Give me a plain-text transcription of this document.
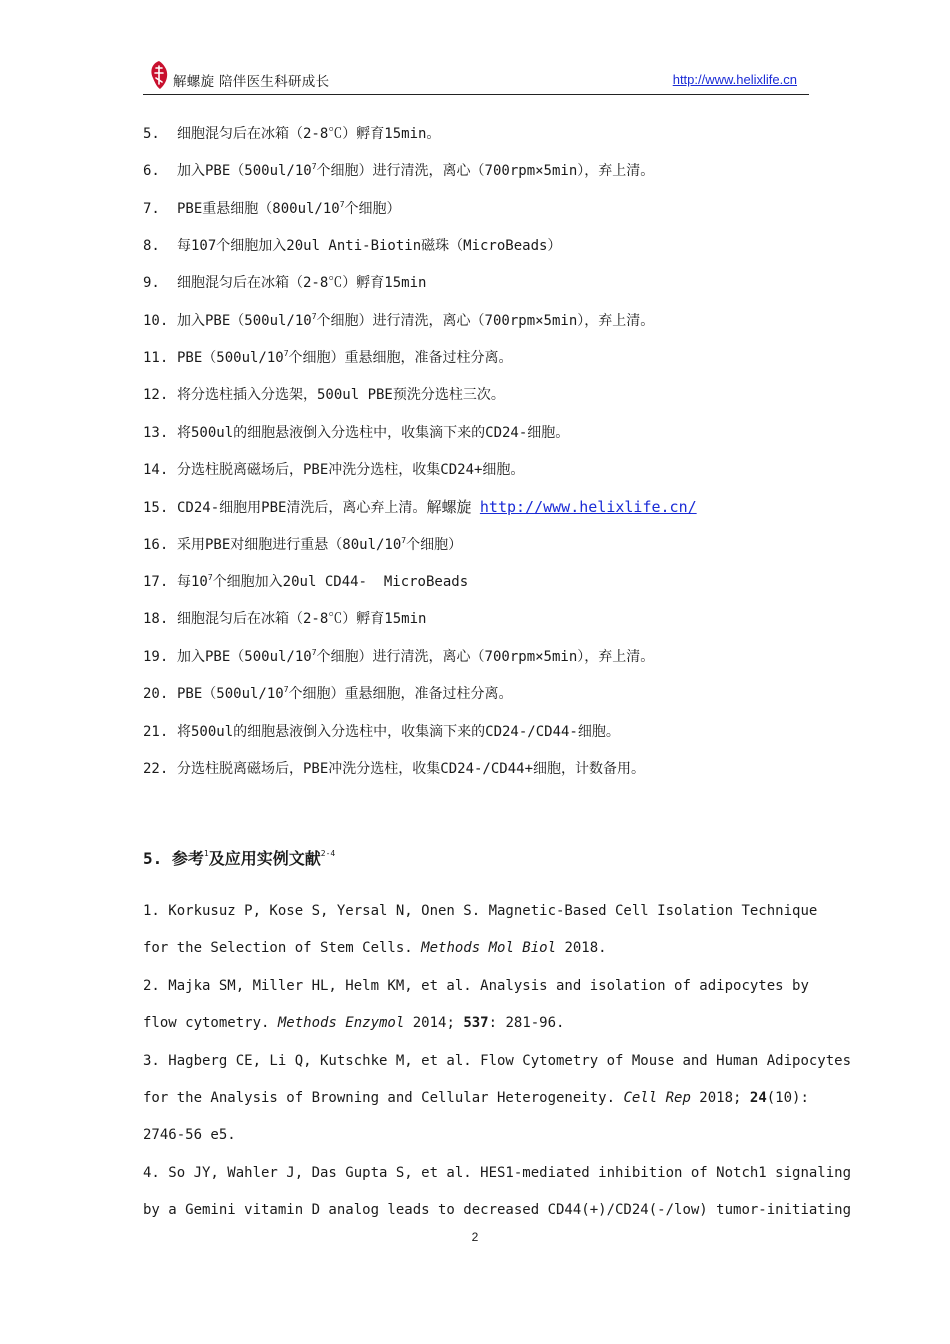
解螺旋 陪伴医生科研成长	http://www.helixlife.cn
5. 细胞混匀后在冰箱（2-8℃）孵育15min。
6. 加入$PBE(500ul/10^7$个细胞）进行清洗，离心（700rpm×5min），弃上清。
7. PBE重悬细胞（$800ul/10^7$个细胞）
8. 每107个细胞加入20ul Anti-Biotin磁珠（MicroBeads）
9. 细胞混匀后在冰箱（2-8℃）孵育15min
10. 加入$PBE(500ul/10^7$个细胞）进行清洗，离心（700rpm×5min），弃上清。
11. $PBE(500ul/10^7$个细胞）重悬细胞，准备过柱分离。
12. 将分选柱插入分选架，500ul PBE预洗分选柱三次。
13. 将500ul的细胞悬液倒入分选柱中，收集滴下来的CD24-细胞。
14. 分选柱脱离磁场后，PBE冲洗分选柱，收集CD24+细胞。
15. CD24-细胞用PBE清洗后，离心弃上清。解螺旋 http://www.helixlife.cn/
16. 采用PBE对细胞进行重悬（$80ul/10^7$个细胞）
17. 每$10^7$个细胞加入20ul CD44-  MicroBeads
18. 细胞混匀后在冰箱（2-8℃）孵育15min
19. 加入$PBE(500ul/10^7$个细胞）进行清洗，离心（700rpm×5min），弃上清。
20. $PBE(500ul/10^7$个细胞）重悬细胞，准备过柱分离。
21. 将500ul的细胞悬液倒入分选柱中，收集滴下来的CD24-/CD44-细胞。
22. 分选柱脱离磁场后，PBE冲洗分选柱，收集CD24-/CD44+细胞，计数备用。
5. 参考$^1$及应用实例文献$^{2-4}$
1. Korkusuz P, Kose S, Yersal N, Onen S. Magnetic-Based Cell Isolation Technique
for the Selection of Stem Cells. Methods Mol Biol 2018.
2. Majka SM, Miller HL, Helm KM, et al. Analysis and isolation of adipocytes by
flow cytometry. Methods Enzymol 2014; 537: 281-96.
3. Hagberg CE, Li Q, Kutschke M, et al. Flow Cytometry of Mouse and Human Adipocytes
for the Analysis of Browning and Cellular Heterogeneity. Cell Rep 2018; 24(10):
2746-56 e5.
4. So JY, Wahler J, Das Gupta S, et al. HES1-mediated inhibition of Notch1 signaling
by a Gemini vitamin D analog leads to decreased CD44(+)/CD24(-/low) tumor-initiating
2
